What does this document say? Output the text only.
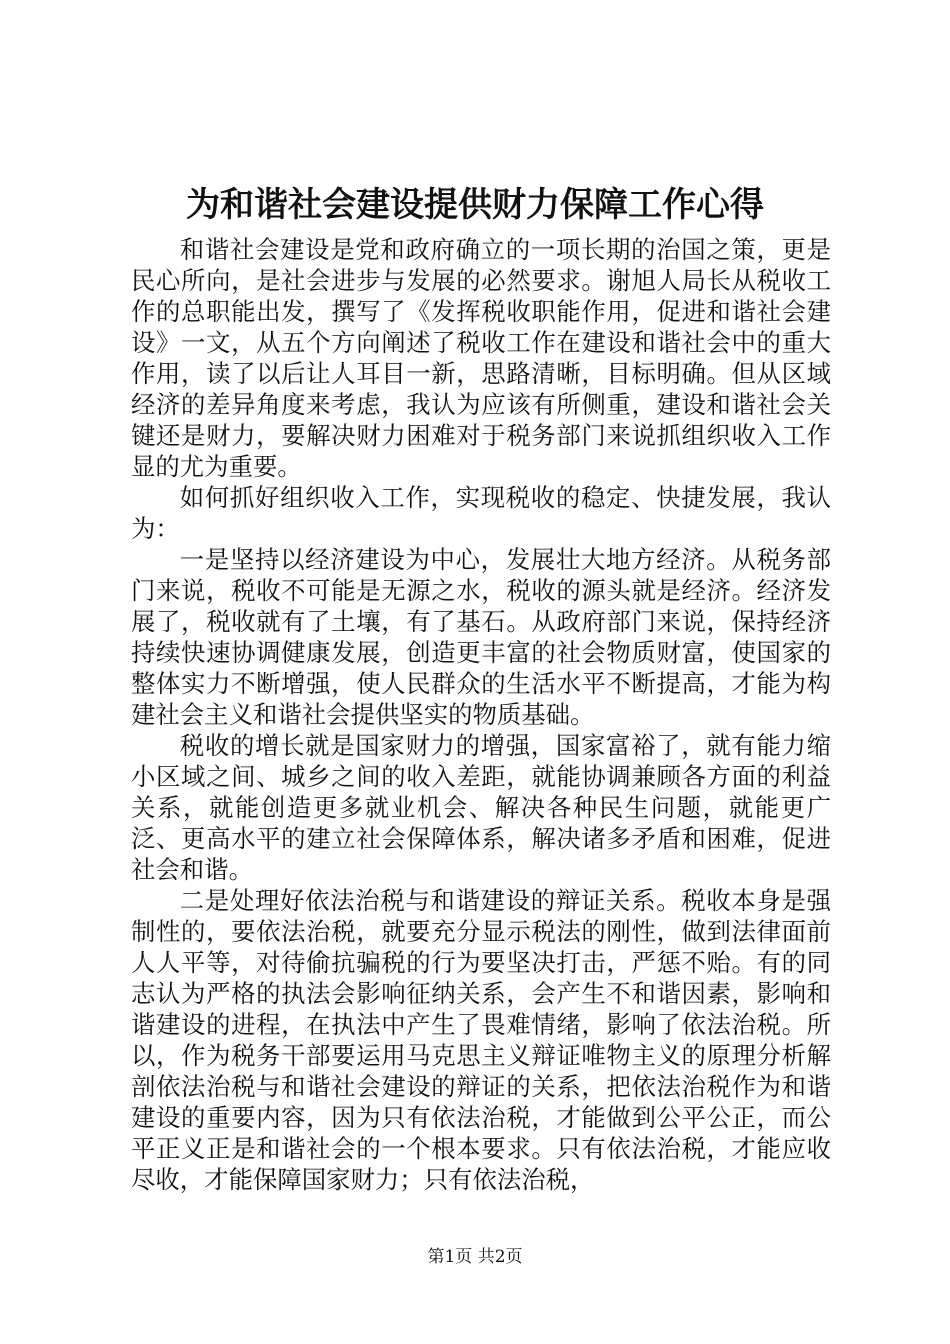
为和谐社会建设提供财力保障工作心得

和谐社会建设是党和政府确立的一项长期的治国之策，更是民心所向，是社会进步与发展的必然要求。谢旭人局长从税收工作的总职能出发，撰写了《发挥税收职能作用，促进和谐社会建设》一文，从五个方向阐述了税收工作在建设和谐社会中的重大作用，读了以后让人耳目一新，思路清晰，目标明确。但从区域经济的差异角度来考虑，我认为应该有所侧重，建设和谐社会关键还是财力，要解决财力困难对于税务部门来说抓组织收入工作显的尤为重要。

如何抓好组织收入工作，实现税收的稳定、快捷发展，我认为：

一是坚持以经济建设为中心，发展壮大地方经济。从税务部门来说，税收不可能是无源之水，税收的源头就是经济。经济发展了，税收就有了土壤，有了基石。从政府部门来说，保持经济持续快速协调健康发展，创造更丰富的社会物质财富，使国家的整体实力不断增强，使人民群众的生活水平不断提高，才能为构建社会主义和谐社会提供坚实的物质基础。

税收的增长就是国家财力的增强，国家富裕了，就有能力缩小区域之间、城乡之间的收入差距，就能协调兼顾各方面的利益关系，就能创造更多就业机会、解决各种民生问题，就能更广泛、更高水平的建立社会保障体系，解决诸多矛盾和困难，促进社会和谐。

二是处理好依法治税与和谐建设的辩证关系。税收本身是强制性的，要依法治税，就要充分显示税法的刚性，做到法律面前人人平等，对待偷抗骗税的行为要坚决打击，严惩不贻。有的同志认为严格的执法会影响征纳关系，会产生不和谐因素，影响和谐建设的进程，在执法中产生了畏难情绪，影响了依法治税。所以，作为税务干部要运用马克思主义辩证唯物主义的原理分析解剖依法治税与和谐社会建设的辩证的关系，把依法治税作为和谐建设的重要内容，因为只有依法治税，才能做到公平公正，而公平正义正是和谐社会的一个根本要求。只有依法治税，才能应收尽收，才能保障国家财力；只有依法治税，

第1页 共2页
